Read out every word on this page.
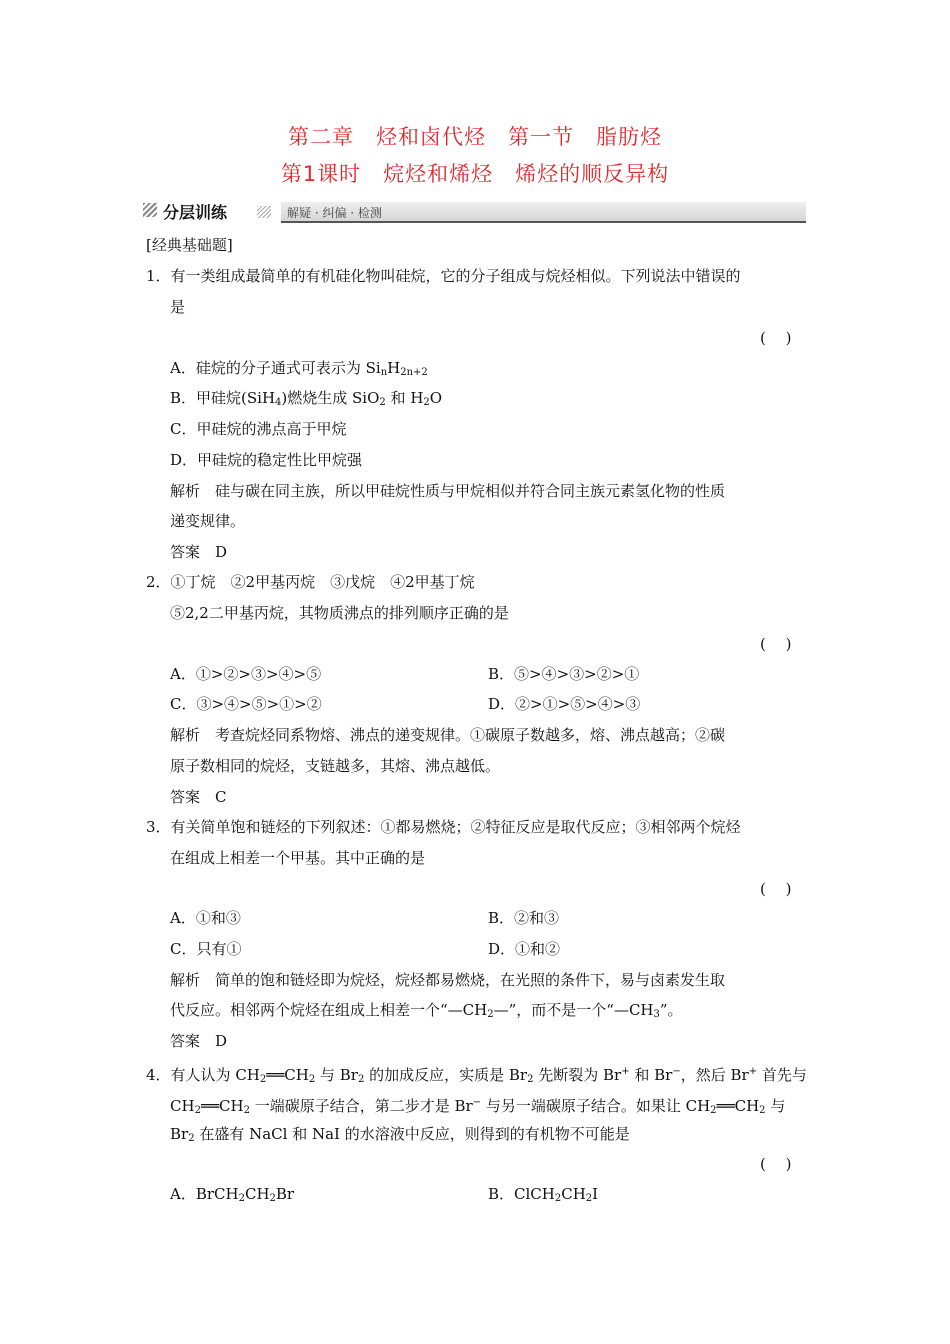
第二章　烃和卤代烃　第一节　脂肪烃
第1课时　烷烃和烯烃　烯烃的顺反异构
分层训练	解疑 · 纠偏 · 检测
[经典基础题]
1．有一类组成最简单的有机硅化物叫硅烷，它的分子组成与烷烃相似。下列说法中错误的
是
(　 )
A．硅烷的分子通式可表示为 $Si_nH_{2n+2}$
B．甲硅烷(SiH$_4$)燃烧生成 SiO$_2$ 和 $H_2O$
C．甲硅烷的沸点高于甲烷
D．甲硅烷的稳定性比甲烷强
解析　硅与碳在同主族，所以甲硅烷性质与甲烷相似并符合同主族元素氢化物的性质
递变规律。
答案　D
2．①丁烷　②2甲基丙烷　③戊烷　④2甲基丁烷
⑤2,2二甲基丙烷，其物质沸点的排列顺序正确的是
(　 )
A．①>②>③>④>⑤	B．⑤>④>③>②>①
C．③>④>⑤>①>②	D．②>①>⑤>④>③
解析　考查烷烃同系物熔、沸点的递变规律。①碳原子数越多，熔、沸点越高；②碳
原子数相同的烷烃，支链越多，其熔、沸点越低。
答案　C
3．有关简单饱和链烃的下列叙述：①都易燃烧；②特征反应是取代反应；③相邻两个烷烃
在组成上相差一个甲基。其中正确的是
(　 )
A．①和③	B．②和③
C．只有①	D．①和②
解析　简单的饱和链烃即为烷烃，烷烃都易燃烧，在光照的条件下，易与卤素发生取
代反应。相邻两个烷烃在组成上相差一个“$—CH_2—$”，而不是一个“$—CH_3$”。
答案　D
4．有人认为 $CH_2══CH_2$ 与 $Br_2$ 的加成反应，实质是 $Br_2$ 先断裂为 Br+ 和 Br−，然后 Br+ 首先与
$CH_2══CH_2$ 一端碳原子结合，第二步才是 Br− 与另一端碳原子结合。如果让 $CH_2══CH_2$ 与
$Br_2$ 在盛有 NaCl 和 NaI 的水溶液中反应，则得到的有机物不可能是
(　 )
A．$BrCH_2CH_2Br$	B．$ClCH_2CH_2I$
